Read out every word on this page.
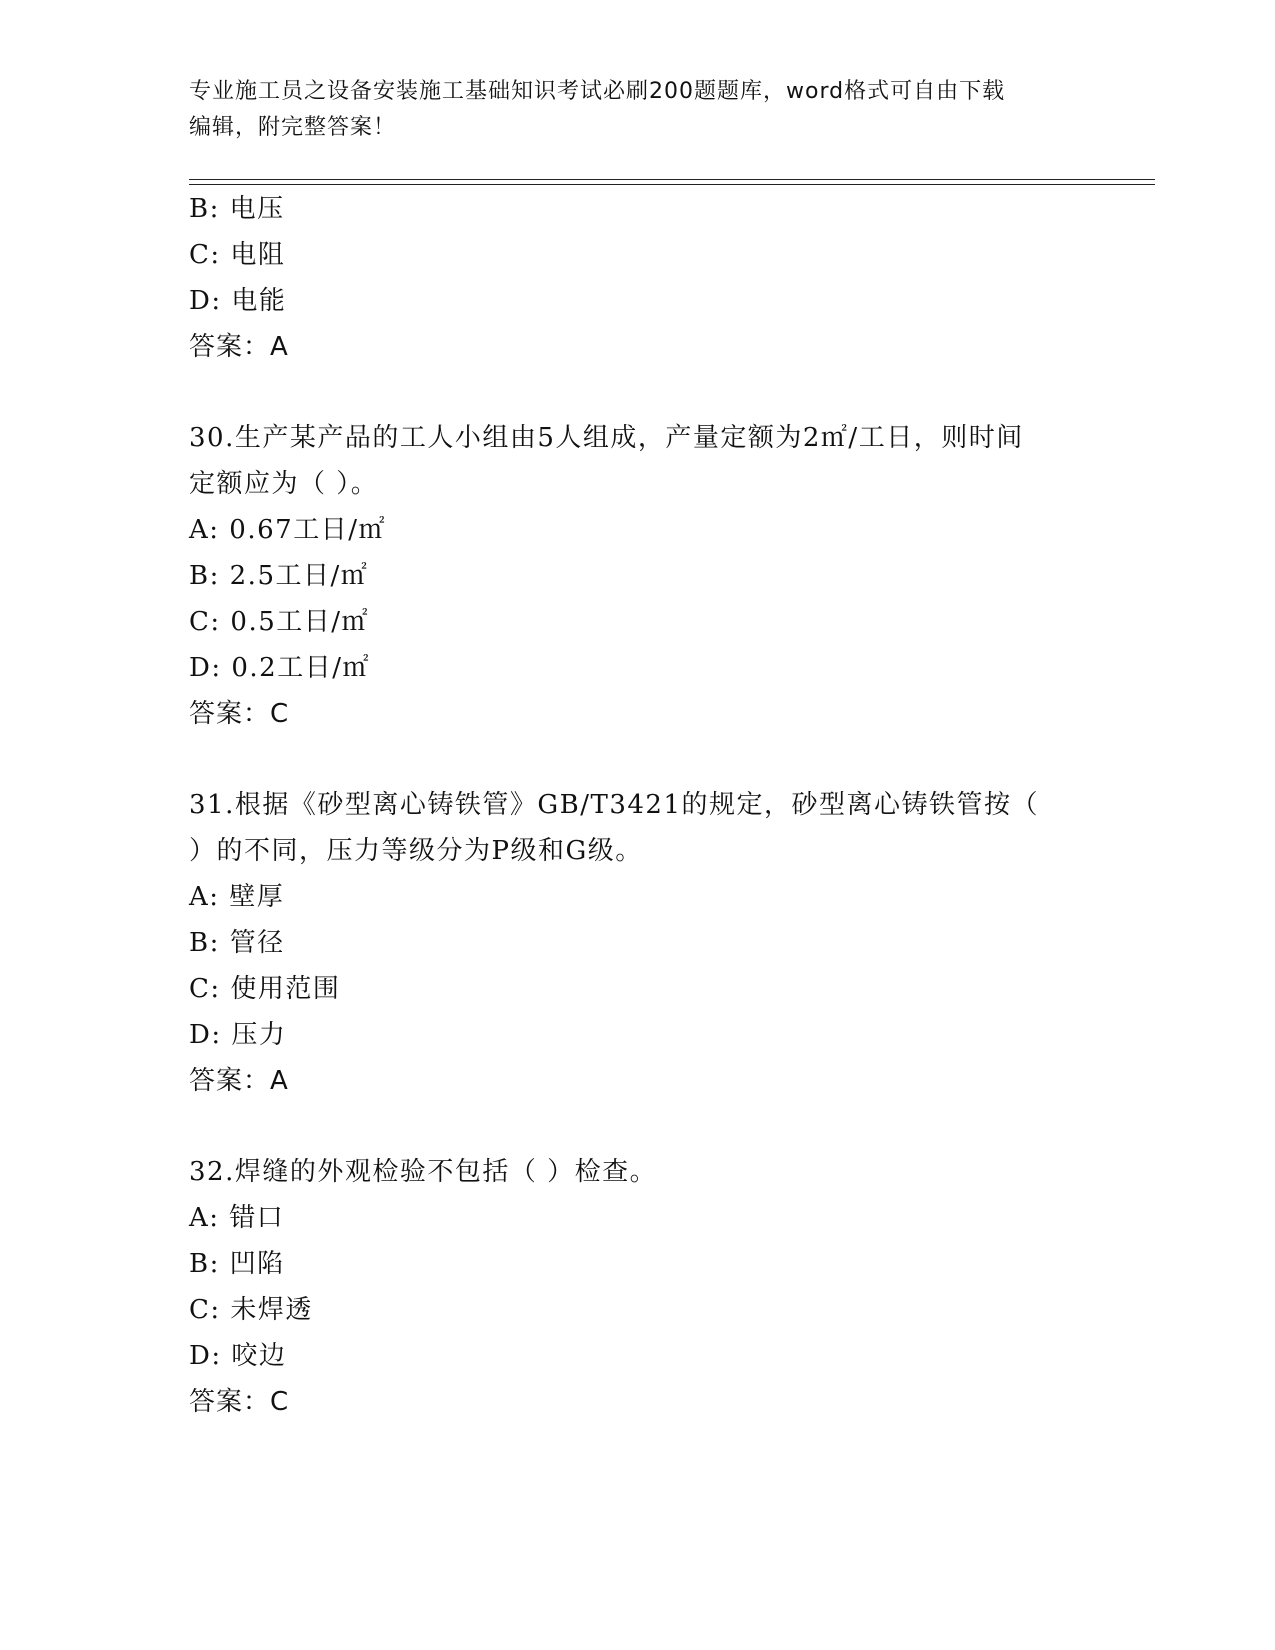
专业施工员之设备安装施工基础知识考试必刷200题题库，word格式可自由下载
编辑，附完整答案！
B: 电压
C: 电阻
D: 电能
答案：A
30.生产某产品的工人小组由5人组成，产量定额为2㎡/工日，则时间
定额应为（ ）。
A: 0.67工日/㎡
B: 2.5工日/㎡
C: 0.5工日/㎡
D: 0.2工日/㎡
答案：C
31.根据《砂型离心铸铁管》GB/T3421的规定，砂型离心铸铁管按（
）的不同，压力等级分为P级和G级。
A: 壁厚
B: 管径
C: 使用范围
D: 压力
答案：A
32.焊缝的外观检验不包括（ ）检查。
A: 错口
B: 凹陷
C: 未焊透
D: 咬边
答案：C
